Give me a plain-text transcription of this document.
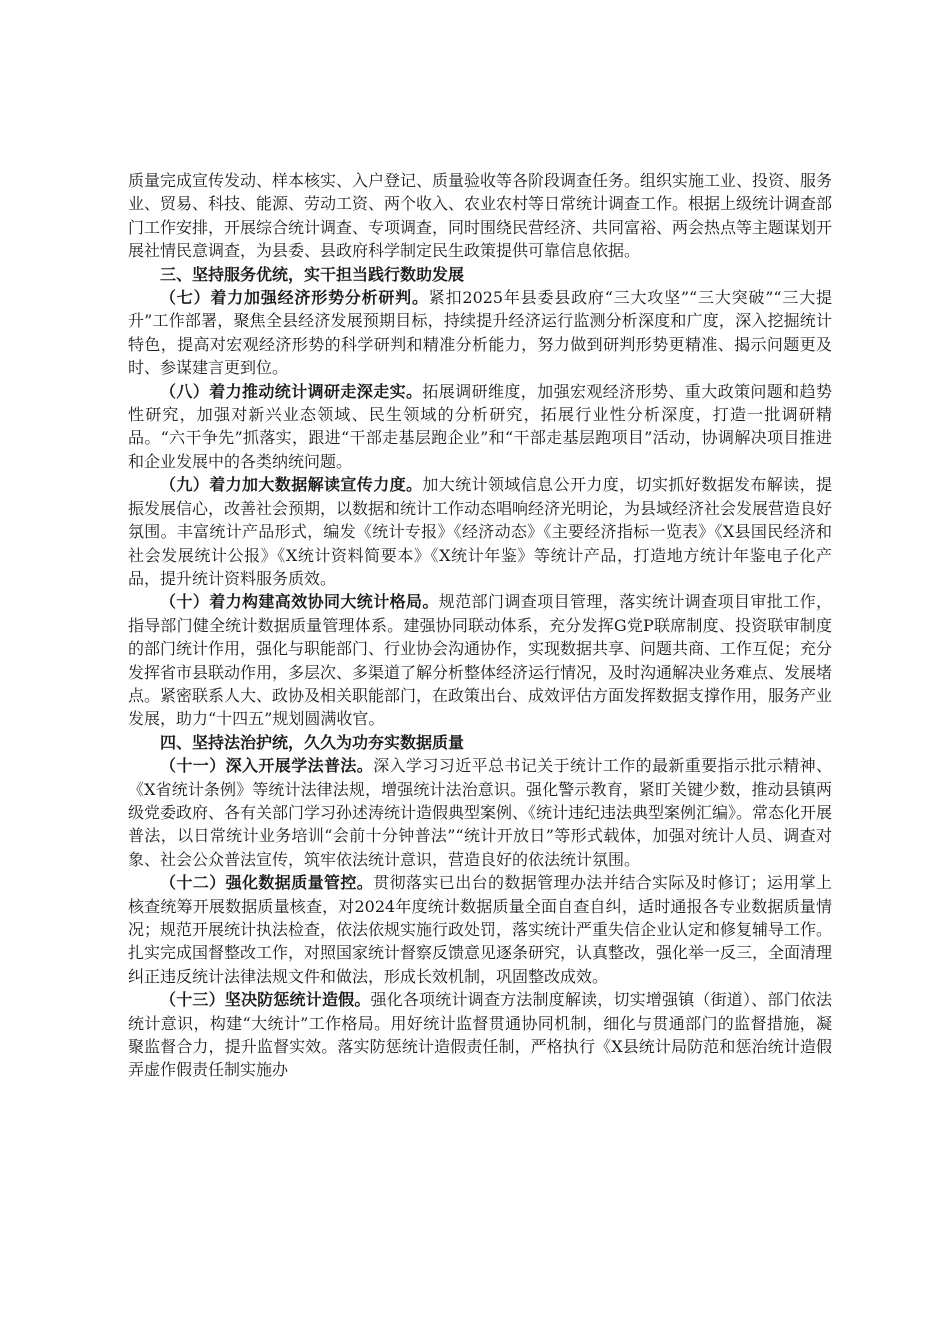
质量完成宣传发动、样本核实、入户登记、质量验收等各阶段调查任务。组织实施工业、投资、服务业、贸易、科技、能源、劳动工资、两个收入、农业农村等日常统计调查工作。根据上级统计调查部门工作安排，开展综合统计调查、专项调查，同时围绕民营经济、共同富裕、两会热点等主题谋划开展社情民意调查，为县委、县政府科学制定民生政策提供可靠信息依据。

三、坚持服务优统，实干担当践行数助发展

（七）着力加强经济形势分析研判。紧扣2025年县委县政府“三大攻坚”“三大突破”“三大提升”工作部署，聚焦全县经济发展预期目标，持续提升经济运行监测分析深度和广度，深入挖掘统计特色，提高对宏观经济形势的科学研判和精准分析能力，努力做到研判形势更精准、揭示问题更及时、参谋建言更到位。

（八）着力推动统计调研走深走实。拓展调研维度，加强宏观经济形势、重大政策问题和趋势性研究，加强对新兴业态领域、民生领域的分析研究，拓展行业性分析深度，打造一批调研精品。“六干争先”抓落实，跟进“干部走基层跑企业”和“干部走基层跑项目”活动，协调解决项目推进和企业发展中的各类纳统问题。

（九）着力加大数据解读宣传力度。加大统计领域信息公开力度，切实抓好数据发布解读，提振发展信心，改善社会预期，以数据和统计工作动态唱响经济光明论，为县域经济社会发展营造良好氛围。丰富统计产品形式，编发《统计专报》《经济动态》《主要经济指标一览表》《X县国民经济和社会发展统计公报》《X统计资料简要本》《X统计年鉴》等统计产品，打造地方统计年鉴电子化产品，提升统计资料服务质效。

（十）着力构建高效协同大统计格局。规范部门调查项目管理，落实统计调查项目审批工作，指导部门健全统计数据质量管理体系。建强协同联动体系，充分发挥G党P联席制度、投资联审制度的部门统计作用，强化与职能部门、行业协会沟通协作，实现数据共享、问题共商、工作互促；充分发挥省市县联动作用，多层次、多渠道了解分析整体经济运行情况，及时沟通解决业务难点、发展堵点。紧密联系人大、政协及相关职能部门，在政策出台、成效评估方面发挥数据支撑作用，服务产业发展，助力“十四五”规划圆满收官。

四、坚持法治护统，久久为功夯实数据质量

（十一）深入开展学法普法。深入学习习近平总书记关于统计工作的最新重要指示批示精神、《X省统计条例》等统计法律法规，增强统计法治意识。强化警示教育，紧盯关键少数，推动县镇两级党委政府、各有关部门学习孙述涛统计造假典型案例、《统计违纪违法典型案例汇编》。常态化开展普法，以日常统计业务培训“会前十分钟普法”“统计开放日”等形式载体，加强对统计人员、调查对象、社会公众普法宣传，筑牢依法统计意识，营造良好的依法统计氛围。

（十二）强化数据质量管控。贯彻落实已出台的数据管理办法并结合实际及时修订；运用掌上核查统筹开展数据质量核查，对2024年度统计数据质量全面自查自纠，适时通报各专业数据质量情况；规范开展统计执法检查，依法依规实施行政处罚，落实统计严重失信企业认定和修复辅导工作。扎实完成国督整改工作，对照国家统计督察反馈意见逐条研究，认真整改，强化举一反三，全面清理纠正违反统计法律法规文件和做法，形成长效机制，巩固整改成效。

（十三）坚决防惩统计造假。强化各项统计调查方法制度解读，切实增强镇（街道）、部门依法统计意识，构建“大统计”工作格局。用好统计监督贯通协同机制，细化与贯通部门的监督措施，凝聚监督合力，提升监督实效。落实防惩统计造假责任制，严格执行《X县统计局防范和惩治统计造假弄虚作假责任制实施办
